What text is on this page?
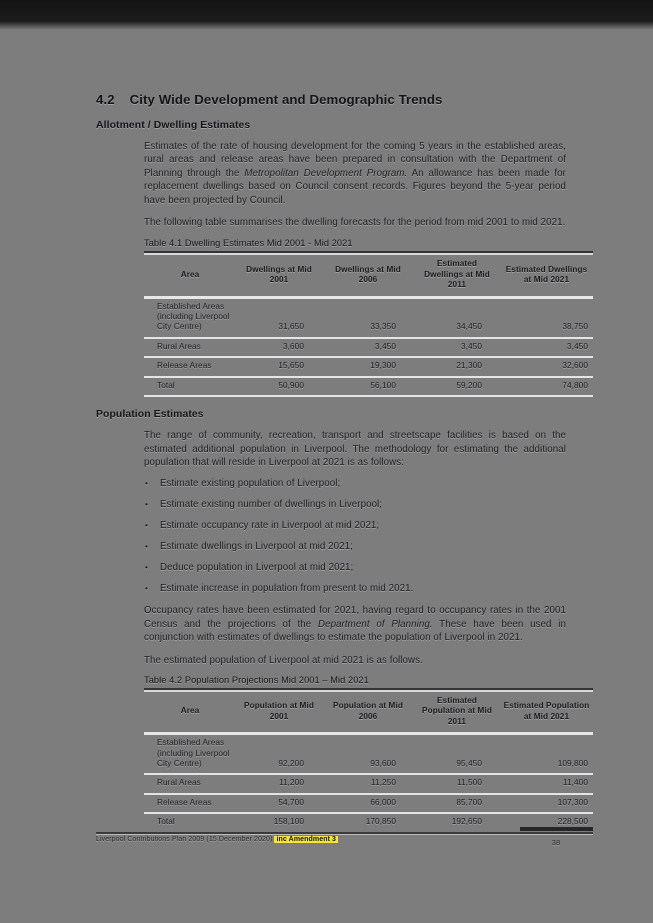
4.2 City Wide Development and Demographic Trends
Allotment / Dwelling Estimates

Estimates of the rate of housing development for the coming 5 years in the established areas, rural areas and release areas have been prepared in consultation with the Department of Planning through the Metropolitan Development Program. An allowance has been made for replacement dwellings based on Council consent records. Figures beyond the 5-year period have been projected by Council.

The following table summarises the dwelling forecasts for the period from mid 2001 to mid 2021.

Table 4.1 Dwelling Estimates Mid 2001 - Mid 2021
Area	Dwellings at Mid 2001	Dwellings at Mid 2006	Estimated Dwellings at Mid 2011	Estimated Dwellings at Mid 2021
Established Areas (including Liverpool City Centre)	31,650	33,350	34,450	38,750
Rural Areas	3,600	3,450	3,450	3,450
Release Areas	15,650	19,300	21,300	32,600
Total	50,900	56,100	59,200	74,800
Population Estimates

The range of community, recreation, transport and streetscape facilities is based on the estimated additional population in Liverpool. The methodology for estimating the additional population that will reside in Liverpool at 2021 is as follows:

•	Estimate existing population of Liverpool;
•	Estimate existing number of dwellings in Liverpool;
•	Estimate occupancy rate in Liverpool at mid 2021;
•	Estimate dwellings in Liverpool at mid 2021;
•	Deduce population in Liverpool at mid 2021;
•	Estimate increase in population from present to mid 2021.

Occupancy rates have been estimated for 2021, having regard to occupancy rates in the 2001 Census and the projections of the Department of Planning. These have been used in conjunction with estimates of dwellings to estimate the population of Liverpool in 2021.

The estimated population of Liverpool at mid 2021 is as follows.

Table 4.2 Population Projections Mid 2001 – Mid 2021
Area	Population at Mid 2001	Population at Mid 2006	Estimated Population at Mid 2011	Estimated Population at Mid 2021
Established Areas (including Liverpool City Centre)	92,200	93,600	95,450	109,800
Rural Areas	11,200	11,250	11,500	11,400
Release Areas	54,700	66,000	85,700	107,300
Total	158,100	170,850	192,650	228,500
Liverpool Contributions Plan 2009 (15 December 2020) inc Amendment 3	38
